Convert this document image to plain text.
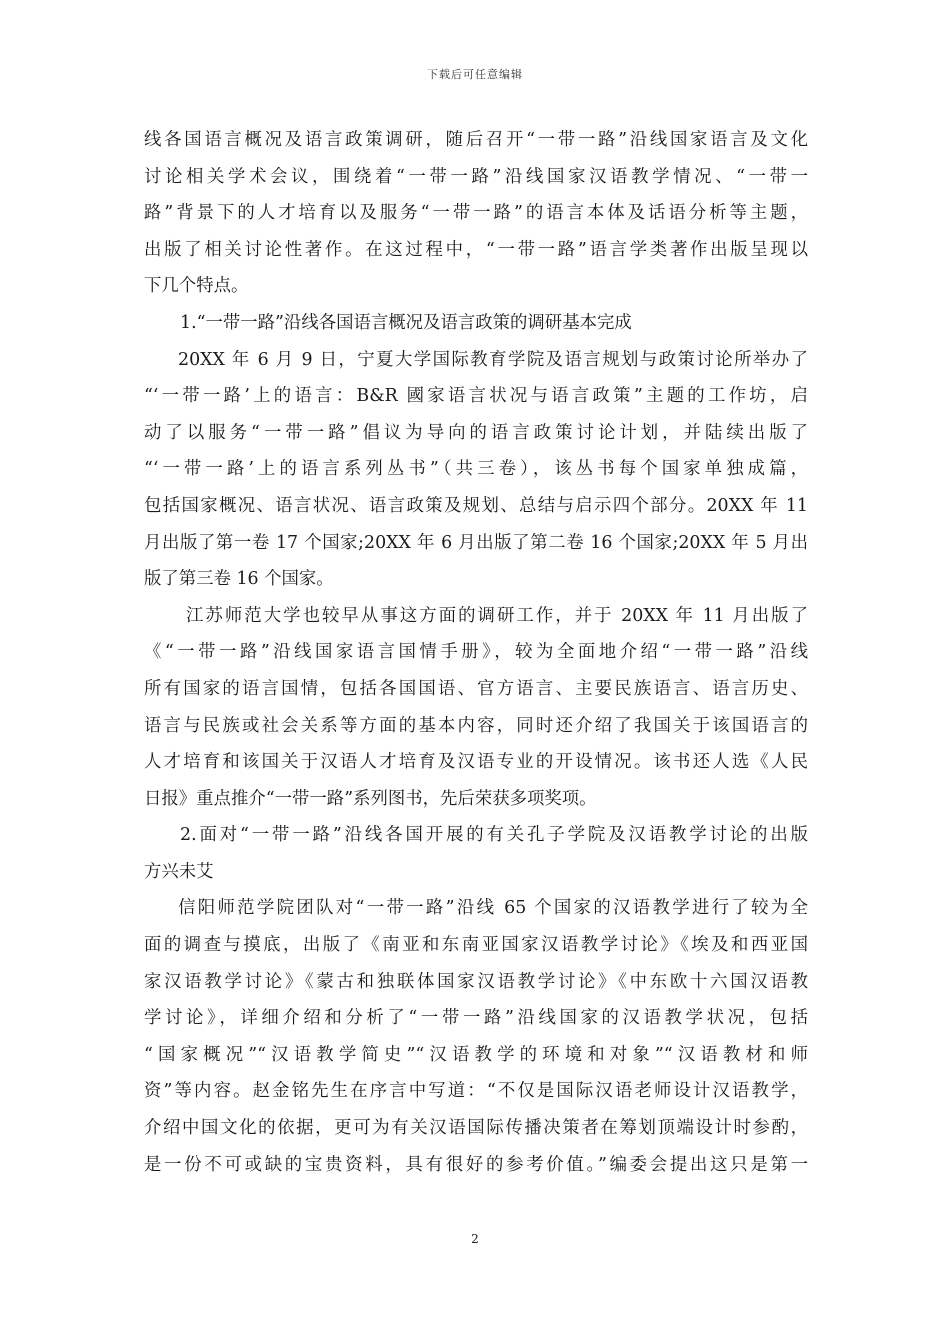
下载后可任意编辑
线各国语言概况及语言政策调研，随后召开“一带一路”沿线国家语言及文化
讨论相关学术会议，围绕着“一带一路”沿线国家汉语教学情况、“一带一
路”背景下的人才培育以及服务“一带一路”的语言本体及话语分析等主题，
出版了相关讨论性著作。在这过程中，“一带一路”语言学类著作出版呈现以
下几个特点。
1.“一带一路”沿线各国语言概况及语言政策的调研基本完成
20XX 年 6 月 9 日，宁夏大学国际教育学院及语言规划与政策讨论所举办了
“‘一带一路’上的语言：B&R 國家语言状况与语言政策”主题的工作坊，启
动了以服务“一带一路”倡议为导向的语言政策讨论计划，并陆续出版了
“‘一带一路’上的语言系列丛书”（共三卷），该丛书每个国家单独成篇，
包括国家概况、语言状况、语言政策及规划、总结与启示四个部分。20XX 年 11
月出版了第一卷 17 个国家;20XX 年 6 月出版了第二卷 16 个国家;20XX 年 5 月出
版了第三卷 16 个国家。
江苏师范大学也较早从事这方面的调研工作，并于 20XX 年 11 月出版了
《“一带一路”沿线国家语言国情手册》，较为全面地介绍“一带一路”沿线
所有国家的语言国情，包括各国国语、官方语言、主要民族语言、语言历史、
语言与民族或社会关系等方面的基本内容，同时还介绍了我国关于该国语言的
人才培育和该国关于汉语人才培育及汉语专业的开设情况。该书还人选《人民
日报》重点推介“一带一路”系列图书，先后荣获多项奖项。
2.面对“一带一路”沿线各国开展的有关孔子学院及汉语教学讨论的出版
方兴未艾
信阳师范学院团队对“一带一路”沿线 65 个国家的汉语教学进行了较为全
面的调查与摸底，出版了《南亚和东南亚国家汉语教学讨论》《埃及和西亚国
家汉语教学讨论》《蒙古和独联体国家汉语教学讨论》《中东欧十六国汉语教
学讨论》，详细介绍和分析了“一带一路”沿线国家的汉语教学状况，包括
“国家概况”“汉语教学简史”“汉语教学的环境和对象”“汉语教材和师
资”等内容。赵金铭先生在序言中写道：“不仅是国际汉语老师设计汉语教学，
介绍中国文化的依据，更可为有关汉语国际传播决策者在筹划顶端设计时参酌，
是一份不可或缺的宝贵资料，具有很好的参考价值。”编委会提出这只是第一
2
